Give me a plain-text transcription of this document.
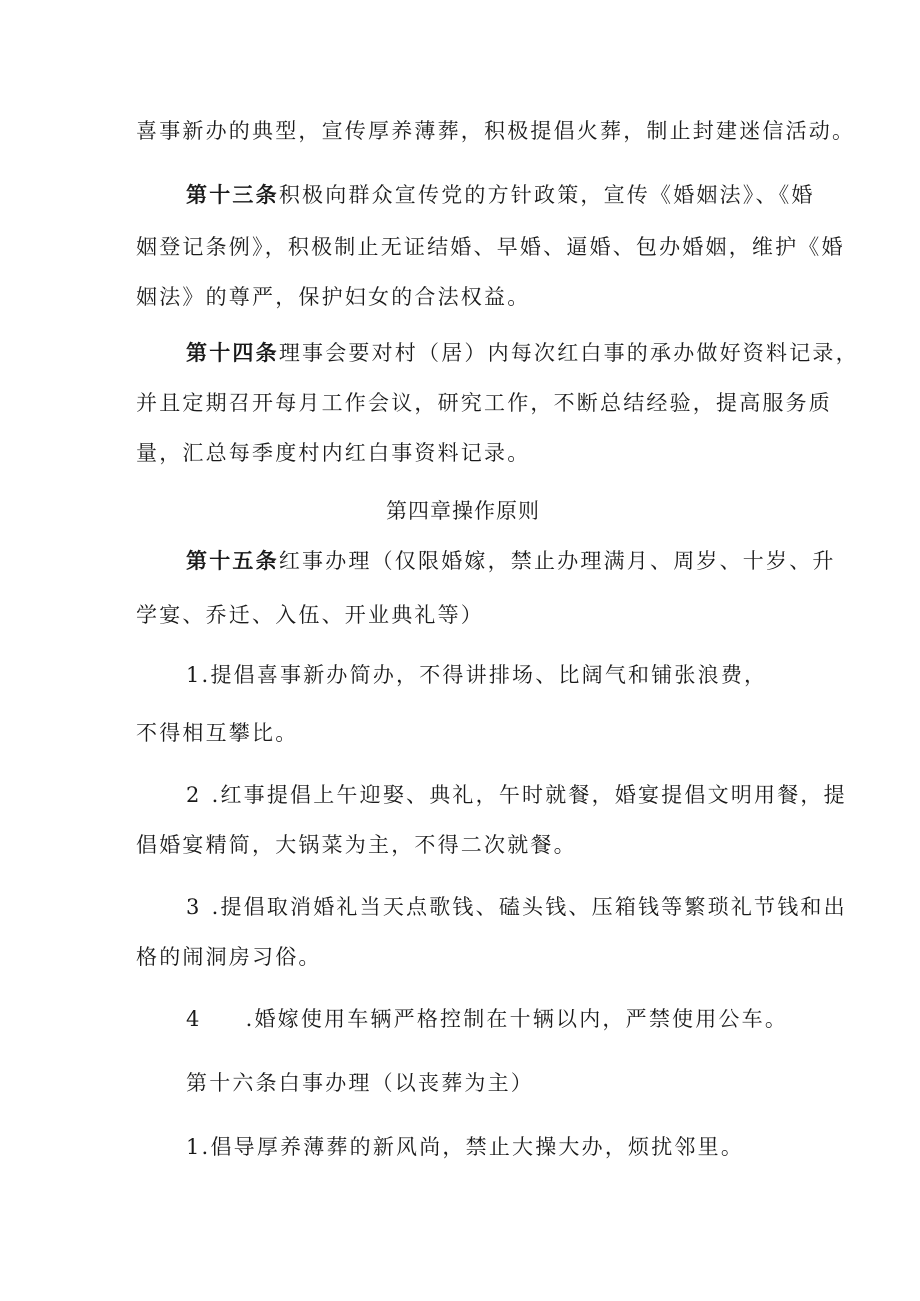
喜事新办的典型，宣传厚养薄葬，积极提倡火葬，制止封建迷信活动。
第十三条积极向群众宣传党的方针政策，宣传《婚姻法》、《婚
姻登记条例》，积极制止无证结婚、早婚、逼婚、包办婚姻，维护《婚
姻法》的尊严，保护妇女的合法权益。
第十四条理事会要对村（居）内每次红白事的承办做好资料记录，
并且定期召开每月工作会议，研究工作，不断总结经验，提高服务质
量，汇总每季度村内红白事资料记录。
第四章操作原则
第十五条红事办理（仅限婚嫁，禁止办理满月、周岁、十岁、升
学宴、乔迁、入伍、开业典礼等）
1.提倡喜事新办简办，不得讲排场、比阔气和铺张浪费，
不得相互攀比。
2 .红事提倡上午迎娶、典礼，午时就餐，婚宴提倡文明用餐，提
倡婚宴精简，大锅菜为主，不得二次就餐。
3 .提倡取消婚礼当天点歌钱、磕头钱、压箱钱等繁琐礼节钱和出
格的闹洞房习俗。
4 .婚嫁使用车辆严格控制在十辆以内，严禁使用公车。
第十六条白事办理（以丧葬为主）
1.倡导厚养薄葬的新风尚，禁止大操大办，烦扰邻里。
